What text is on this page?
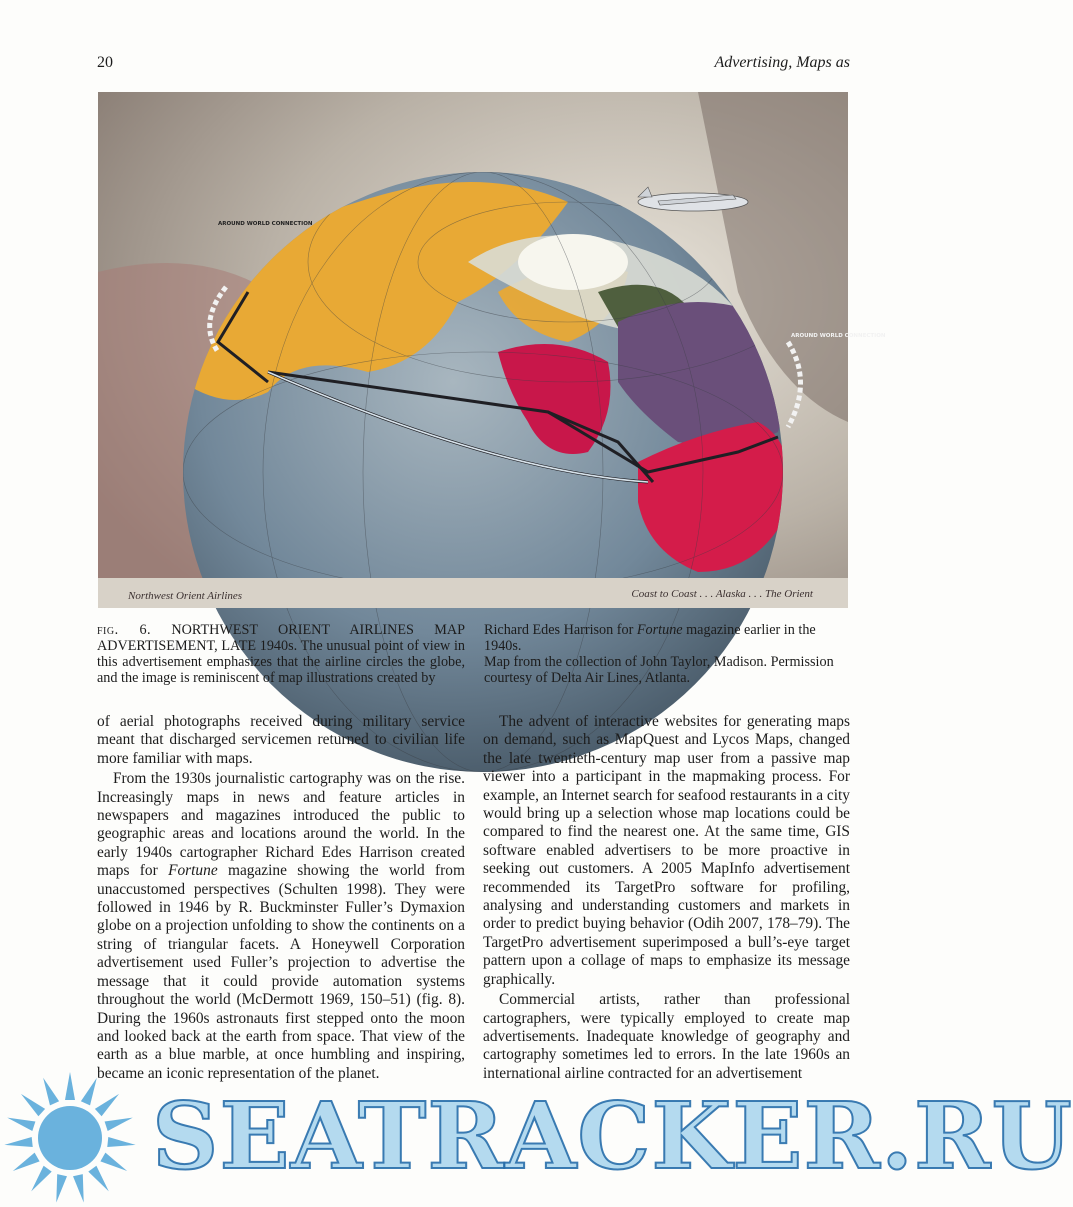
20	Advertising, Maps as
AROUND WORLD CONNECTION
AROUND WORLD CONNECTION
Northwest Orient Airlines	Coast to Coast . . . Alaska . . . The Orient

fig. 6. NORTHWEST ORIENT AIRLINES MAP ADVERTISEMENT, LATE 1940s. The unusual point of view in this advertisement emphasizes that the airline circles the globe, and the image is reminiscent of map illustrations created by

Richard Edes Harrison for Fortune magazine earlier in the 1940s.

Map from the collection of John Taylor, Madison. Permission courtesy of Delta Air Lines, Atlanta.

of aerial photographs received during military service meant that discharged servicemen returned to civilian life more familiar with maps.

From the 1930s journalistic cartography was on the rise. Increasingly maps in news and feature articles in newspapers and magazines introduced the public to geographic areas and locations around the world. In the early 1940s cartographer Richard Edes Harrison created maps for Fortune magazine showing the world from unaccustomed perspectives (Schulten 1998). They were followed in 1946 by R. Buckminster Fuller’s Dymaxion globe on a projection unfolding to show the continents on a string of triangular facets. A Honeywell Corporation advertisement used Fuller’s projection to advertise the message that it could provide automation systems throughout the world (McDermott 1969, 150–51) (fig. 8). During the 1960s astronauts first stepped onto the moon and looked back at the earth from space. That view of the earth as a blue marble, at once humbling and inspiring, became an iconic representation of the planet.

The advent of interactive websites for generating maps on demand, such as MapQuest and Lycos Maps, changed the late twentieth-century map user from a passive map viewer into a participant in the mapmaking process. For example, an Internet search for seafood restaurants in a city would bring up a selection whose map locations could be compared to find the nearest one. At the same time, GIS software enabled advertisers to be more proactive in seeking out customers. A 2005 MapInfo advertisement recommended its TargetPro software for profiling, analysing and understanding customers and markets in order to predict buying behavior (Odih 2007, 178–79). The TargetPro advertisement superimposed a bull’s-eye target pattern upon a collage of maps to emphasize its message graphically.

Commercial artists, rather than professional cartographers, were typically employed to create map advertisements. Inadequate knowledge of geography and cartography sometimes led to errors. In the late 1960s an international airline contracted for an advertisement

SEATRACKER.RU
